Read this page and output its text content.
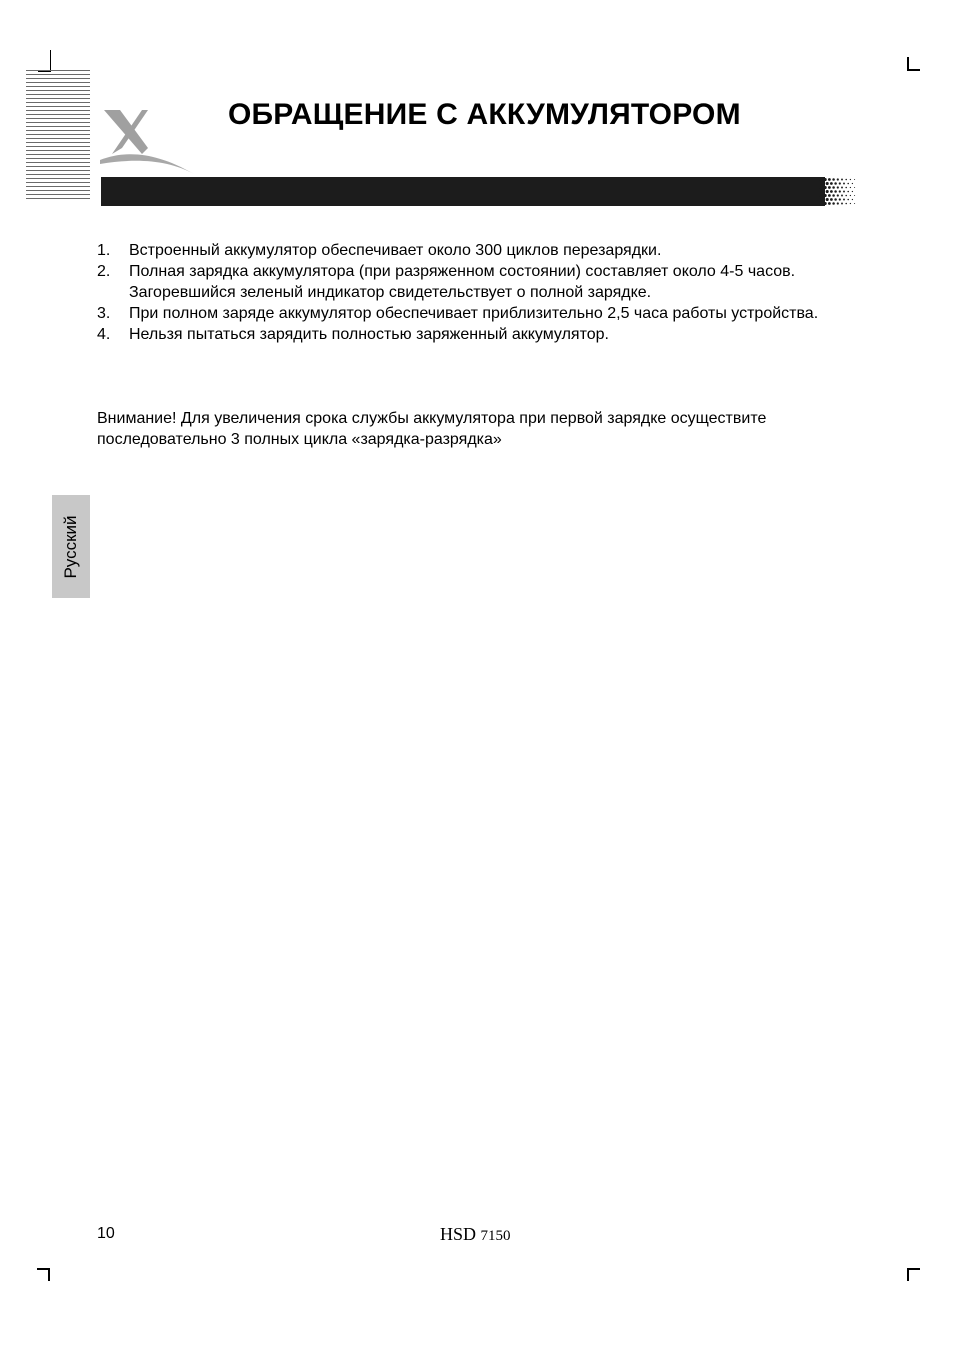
ОБРАЩЕНИЕ С АККУМУЛЯТОРОМ
1.	Встроенный аккумулятор обеспечивает около 300 циклов перезарядки.
2.	Полная зарядка аккумулятора (при разряженном состоянии) составляет около 4-5 часов. Загоревшийся зеленый индикатор свидетельствует о полной зарядке.
3.	При полном заряде аккумулятор обеспечивает приблизительно 2,5 часа работы устройства.
4.	Нельзя пытаться зарядить полностью заряженный аккумулятор.
Внимание! Для увеличения срока службы аккумулятора при первой зарядке осуществите последовательно 3 полных цикла «зарядка-разрядка»
Русский
10	HSD 7150
